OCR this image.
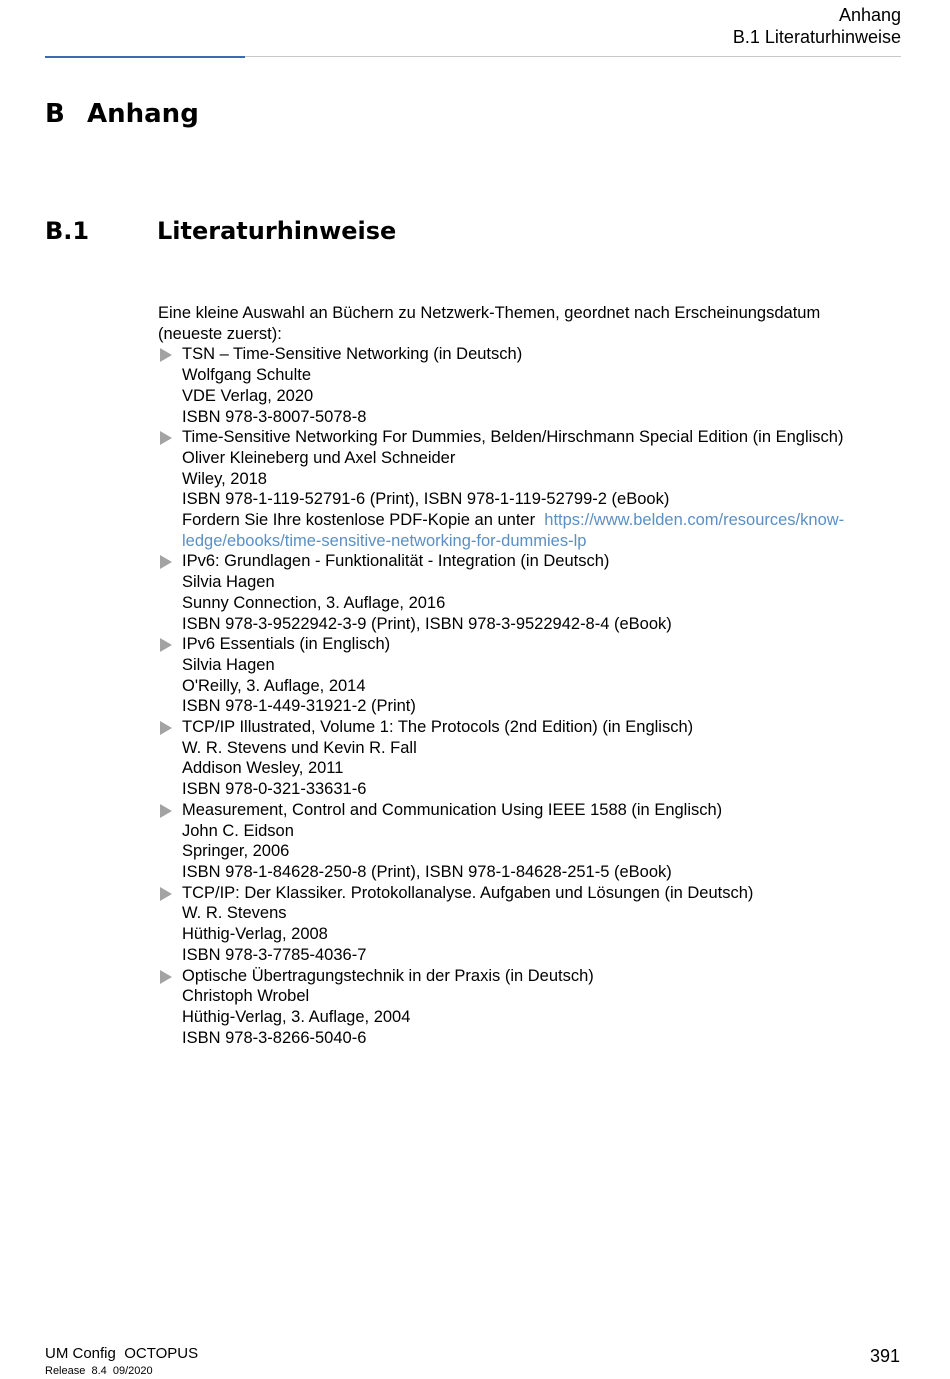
Anhang
B.1 Literaturhinweise
B Anhang
B.1	Literaturhinweise

Eine kleine Auswahl an Büchern zu Netzwerk-Themen, geordnet nach Erscheinungsdatum
(neueste zuerst):

TSN – Time-Sensitive Networking (in Deutsch)
Wolfgang Schulte
VDE Verlag, 2020
ISBN 978-3-8007-5078-8
Time-Sensitive Networking For Dummies, Belden/Hirschmann Special Edition (in Englisch)
Oliver Kleineberg und Axel Schneider
Wiley, 2018
ISBN 978-1-119-52791-6 (Print), ISBN 978-1-119-52799-2 (eBook)
Fordern Sie Ihre kostenlose PDF-Kopie an unter https://www.belden.com/resources/know-
ledge/ebooks/time-sensitive-networking-for-dummies-lp
IPv6: Grundlagen - Funktionalität - Integration (in Deutsch)
Silvia Hagen
Sunny Connection, 3. Auflage, 2016
ISBN 978-3-9522942-3-9 (Print), ISBN 978-3-9522942-8-4 (eBook)
IPv6 Essentials (in Englisch)
Silvia Hagen
O'Reilly, 3. Auflage, 2014
ISBN 978-1-449-31921-2 (Print)
TCP/IP Illustrated, Volume 1: The Protocols (2nd Edition) (in Englisch)
W. R. Stevens und Kevin R. Fall
Addison Wesley, 2011
ISBN 978-0-321-33631-6
Measurement, Control and Communication Using IEEE 1588 (in Englisch)
John C. Eidson
Springer, 2006
ISBN 978-1-84628-250-8 (Print), ISBN 978-1-84628-251-5 (eBook)
TCP/IP: Der Klassiker. Protokollanalyse. Aufgaben und Lösungen (in Deutsch)
W. R. Stevens
Hüthig-Verlag, 2008
ISBN 978-3-7785-4036-7
Optische Übertragungstechnik in der Praxis (in Deutsch)
Christoph Wrobel
Hüthig-Verlag, 3. Auflage, 2004
ISBN 978-3-8266-5040-6
UM Config  OCTOPUS
Release  8.4  09/2020
391
